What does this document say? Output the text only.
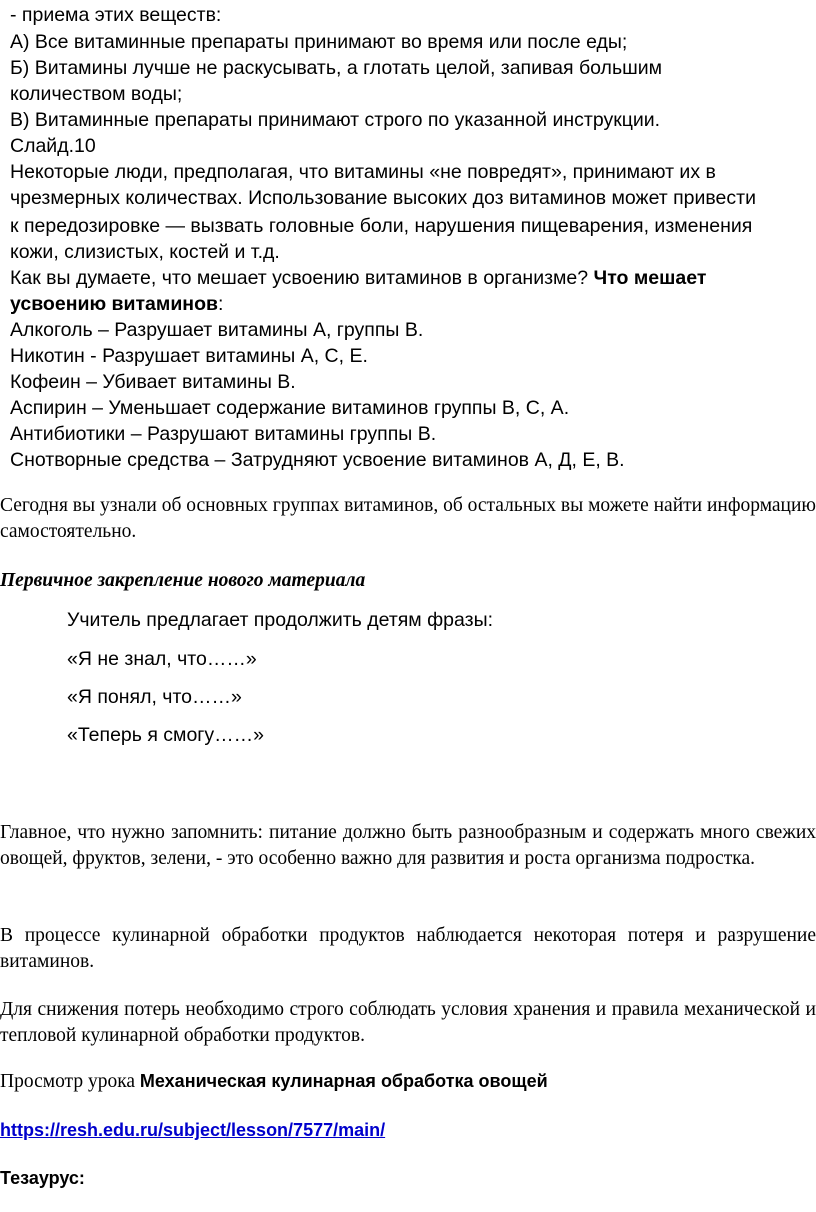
- приема этих веществ:

А) Все витаминные препараты принимают во время или после еды;

Б) Витамины лучше не раскусывать, а глотать целой, запивая большим

количеством воды;

В) Витаминные препараты принимают строго по указанной инструкции.

Слайд.10

Некоторые люди, предполагая, что витамины «не повредят», принимают их в

чрезмерных количествах. Использование высоких доз витаминов может привести

к передозировке — вызвать головные боли, нарушения пищеварения, изменения

кожи, слизистых, костей и т.д.

Как вы думаете, что мешает усвоению витаминов в организме? Что мешает

усвоению витаминов:

Алкоголь – Разрушает витамины А, группы В.

Никотин - Разрушает витамины А, С, Е.

Кофеин – Убивает витамины В.

Аспирин – Уменьшает содержание витаминов группы В, С, А.

Антибиотики – Разрушают витамины группы В.

Снотворные средства – Затрудняют усвоение витаминов А, Д, Е, В.

Сегодня вы узнали об основных группах витаминов, об остальных вы можете найти информацию самостоятельно.

Первичное закрепление нового материала

Учитель предлагает продолжить детям фразы:

«Я не знал, что……»

«Я понял, что……»

«Теперь я смогу……»

Главное, что нужно запомнить: питание должно быть разнообразным и содержать много свежих овощей, фруктов, зелени, - это особенно важно для развития и роста организма подростка.

В процессе кулинарной обработки продуктов наблюдается некоторая потеря и разрушение витаминов.

Для снижения потерь необходимо строго соблюдать условия хранения и правила механической и тепловой кулинарной обработки продуктов.

Просмотр урока Механическая кулинарная обработка овощей

https://resh.edu.ru/subject/lesson/7577/main/

Тезаурус:
